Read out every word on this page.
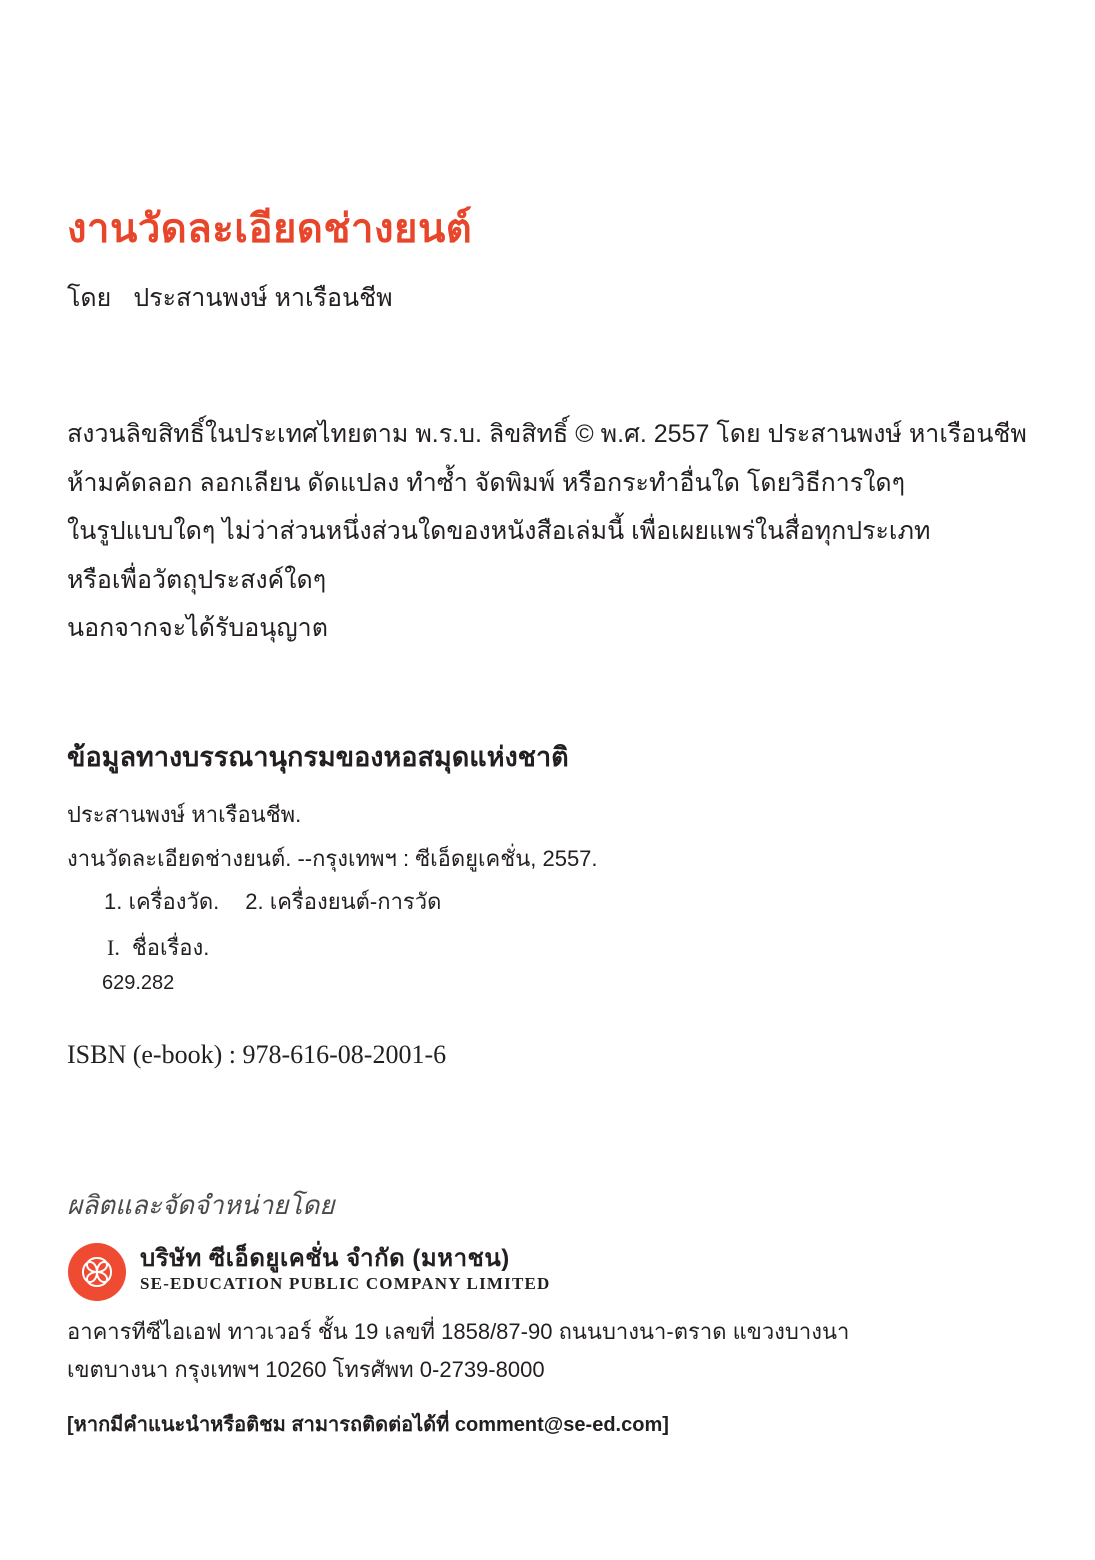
งานวัดละเอียดช่างยนต์
โดย ประสานพงษ์ หาเรือนชีพ
สงวนลิขสิทธิ์ในประเทศไทยตาม พ.ร.บ. ลิขสิทธิ์ © พ.ศ. 2557 โดย ประสานพงษ์ หาเรือนชีพ
ห้ามคัดลอก ลอกเลียน ดัดแปลง ทำซ้ำ จัดพิมพ์ หรือกระทำอื่นใด โดยวิธีการใดๆ
ในรูปแบบใดๆ ไม่ว่าส่วนหนึ่งส่วนใดของหนังสือเล่มนี้ เพื่อเผยแพร่ในสื่อทุกประเภท
หรือเพื่อวัตถุประสงค์ใดๆ
นอกจากจะได้รับอนุญาต
ข้อมูลทางบรรณานุกรมของหอสมุดแห่งชาติ
ประสานพงษ์ หาเรือนชีพ.
งานวัดละเอียดช่างยนต์. --กรุงเทพฯ : ซีเอ็ดยูเคชั่น, 2557.
1. เครื่องวัด. 2. เครื่องยนต์-การวัด
I. ชื่อเรื่อง.
629.282
ISBN (e-book) : 978-616-08-2001-6
ผลิตและจัดจำหน่ายโดย
บริษัท ซีเอ็ดยูเคชั่น จำกัด (มหาชน)
SE-EDUCATION PUBLIC COMPANY LIMITED
อาคารทีซีไอเอฟ ทาวเวอร์ ชั้น 19 เลขที่ 1858/87-90 ถนนบางนา-ตราด แขวงบางนา
เขตบางนา กรุงเทพฯ 10260 โทรศัพท 0-2739-8000
[หากมีคำแนะนำหรือติชม สามารถติดต่อได้ที่ comment@se-ed.com]
